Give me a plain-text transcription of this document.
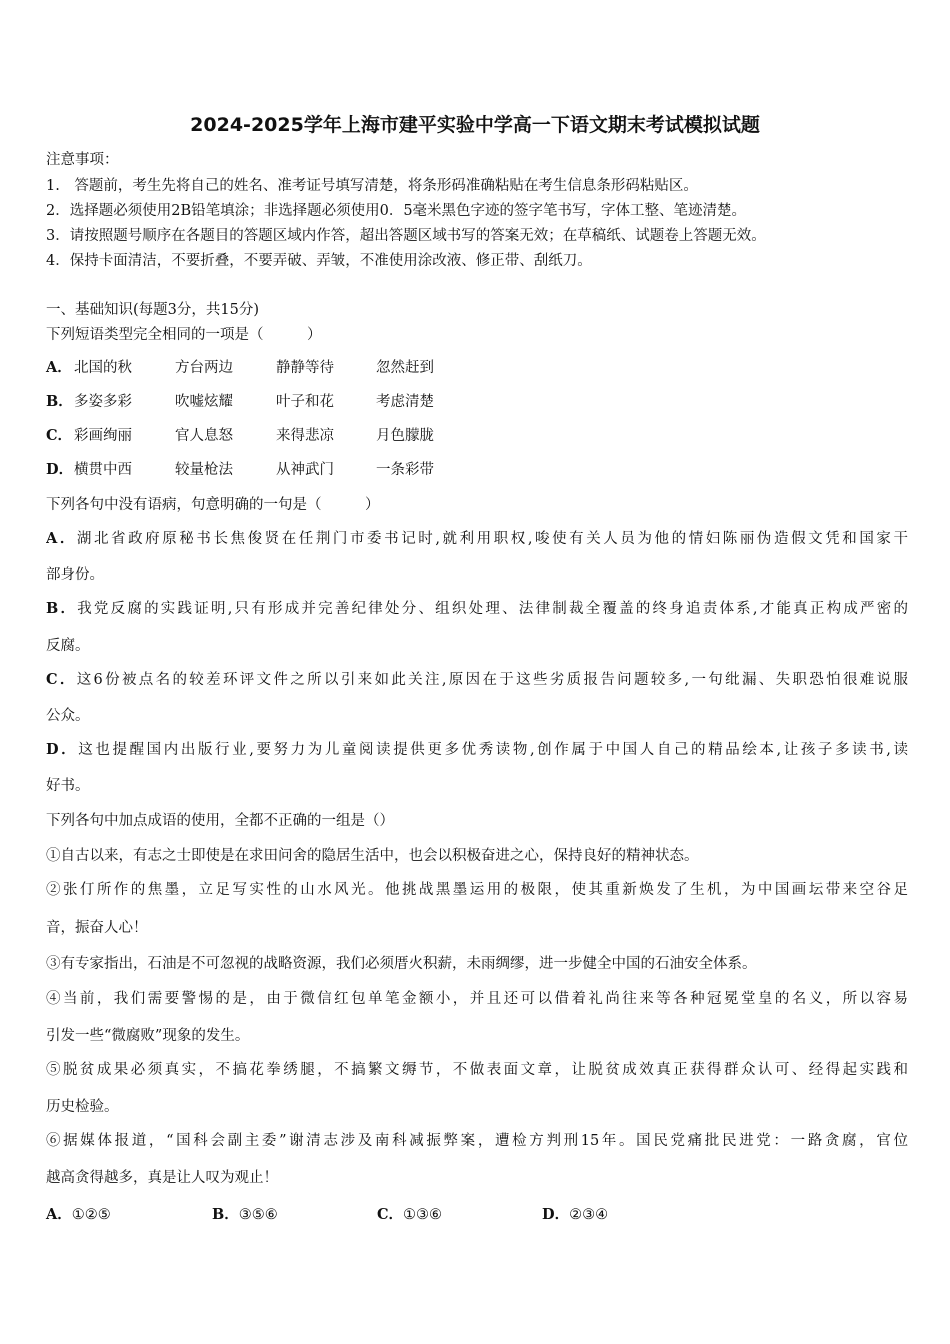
2024-2025学年上海市建平实验中学高一下语文期末考试模拟试题
注意事项：
1.　答题前，考生先将自己的姓名、准考证号填写清楚，将条形码准确粘贴在考生信息条形码粘贴区。
2．选择题必须使用2B铅笔填涂；非选择题必须使用0．5毫米黑色字迹的签字笔书写，字体工整、笔迹清楚。
3．请按照题号顺序在各题目的答题区域内作答，超出答题区域书写的答案无效；在草稿纸、试题卷上答题无效。
4．保持卡面清洁，不要折叠，不要弄破、弄皱，不准使用涂改液、修正带、刮纸刀。
一、基础知识(每题3分，共15分)
下列短语类型完全相同的一项是（　　　）
A． 北国的秋	方台两边	静静等待	忽然赶到
B． 多姿多彩	吹嘘炫耀	叶子和花	考虑清楚
C． 彩画绚丽	官人息怒	来得悲凉	月色朦胧
D． 横贯中西	较量枪法	从神武门	一条彩带
下列各句中没有语病，句意明确的一句是（　　　）
A．湖北省政府原秘书长焦俊贤在任荆门市委书记时,就利用职权,唆使有关人员为他的情妇陈丽伪造假文凭和国家干
部身份。
B．我党反腐的实践证明,只有形成并完善纪律处分、组织处理、法律制裁全覆盖的终身追责体系,才能真正构成严密的
反腐。
C．这6份被点名的较差环评文件之所以引来如此关注,原因在于这些劣质报告问题较多,一句纰漏、失职恐怕很难说服
公众。
D．这也提醒国内出版行业,要努力为儿童阅读提供更多优秀读物,创作属于中国人自己的精品绘本,让孩子多读书,读
好书。
下列各句中加点成语的使用，全都不正确的一组是（）
①自古以来，有志之士即使是在求田问舍的隐居生活中，也会以积极奋进之心，保持良好的精神状态。
②张仃所作的焦墨，立足写实性的山水风光。他挑战黑墨运用的极限，使其重新焕发了生机，为中国画坛带来空谷足
音，振奋人心！
③有专家指出，石油是不可忽视的战略资源，我们必须厝火积薪，未雨绸缪，进一步健全中国的石油安全体系。
④当前，我们需要警惕的是，由于微信红包单笔金额小，并且还可以借着礼尚往来等各种冠冕堂皇的名义，所以容易
引发一些“微腐败”现象的发生。
⑤脱贫成果必须真实，不搞花拳绣腿，不搞繁文缛节，不做表面文章，让脱贫成效真正获得群众认可、经得起实践和
历史检验。
⑥据媒体报道，“国科会副主委”谢清志涉及南科减振弊案，遭检方判刑15年。国民党痛批民进党：一路贪腐，官位
越高贪得越多，真是让人叹为观止！
A．①②⑤	B．③⑤⑥	C．①③⑥	D．②③④
